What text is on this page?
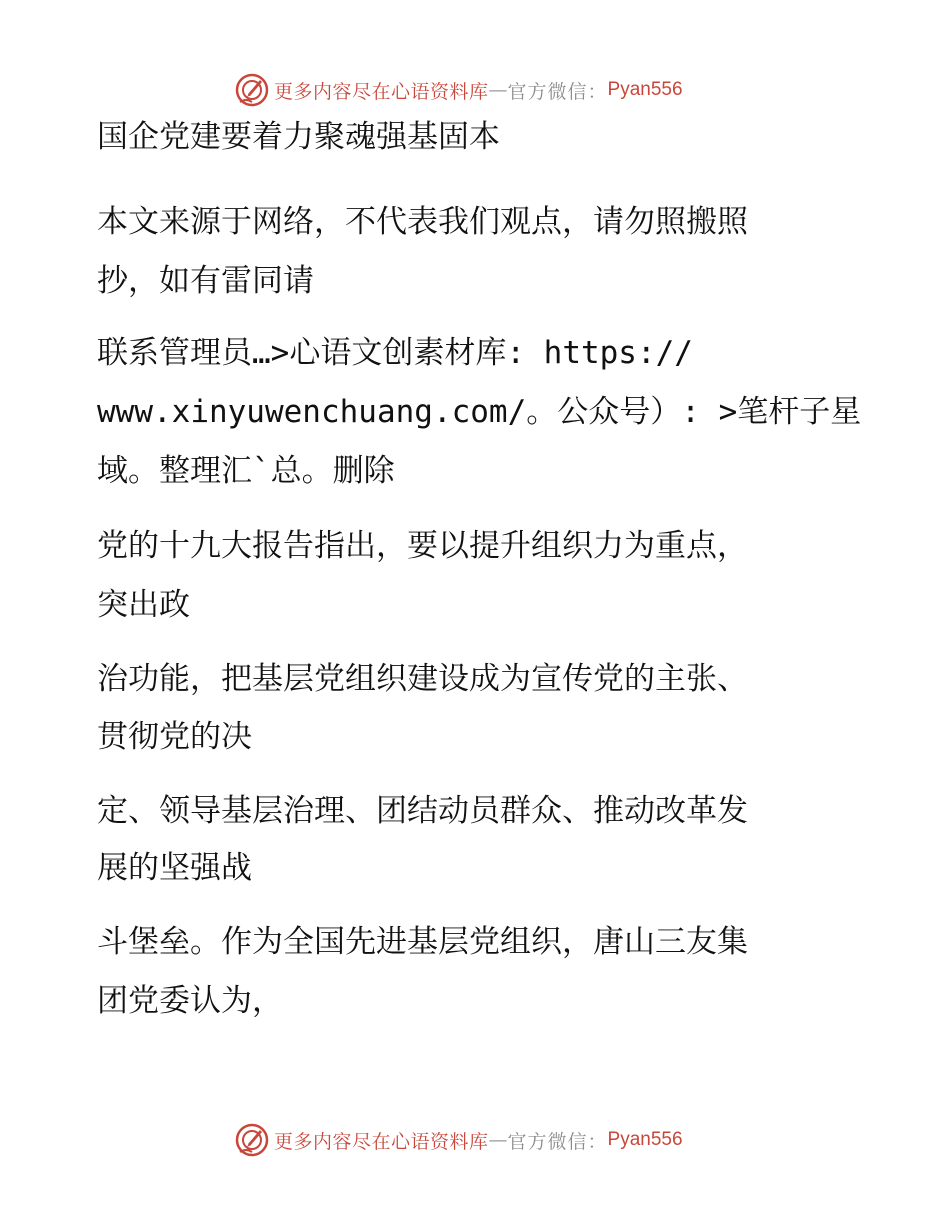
更多内容尽在心语资料库 — 官方微信： Pyan556
国企党建要着力聚魂强基固本
本文来源于网络，不代表我们观点，请勿照搬照
抄，如有雷同请
联系管理员…>心语文创素材库: https://
www.xinyuwenchuang.com/。公众号）: >笔杆子星
域。整理汇`总。删除
党的十九大报告指出，要以提升组织力为重点，
突出政
治功能，把基层党组织建设成为宣传党的主张、
贯彻党的决
定、领导基层治理、团结动员群众、推动改革发
展的坚强战
斗堡垒。作为全国先进基层党组织，唐山三友集
团党委认为，
更多内容尽在心语资料库 — 官方微信： Pyan556
